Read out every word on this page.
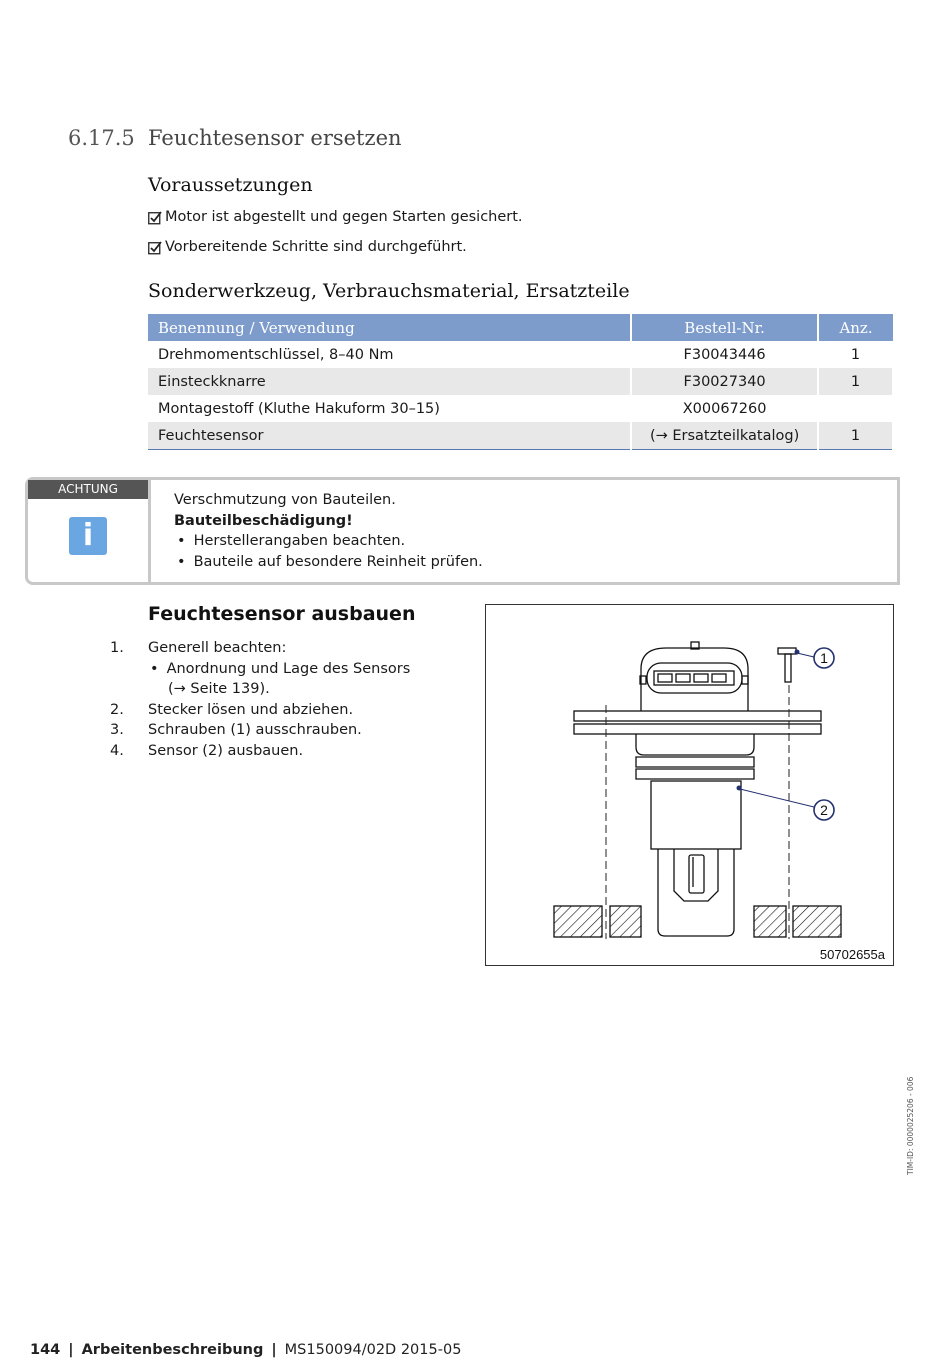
6.17.5 Feuchtesensor ersetzen
Voraussetzungen
Motor ist abgestellt und gegen Starten gesichert.
Vorbereitende Schritte sind durchgeführt.
Sonderwerkzeug, Verbrauchsmaterial, Ersatzteile
Benennung / Verwendung	Bestell-Nr.	Anz.
Drehmomentschlüssel, 8–40 Nm	F30043446	1
Einsteckknarre	F30027340	1
Montagestoff (Kluthe Hakuform 30–15)	X00067260	
Feuchtesensor	(→ Ersatzteilkatalog)	1
ACHTUNG
i
Verschmutzung von Bauteilen.
Bauteilbeschädigung!
• Herstellerangaben beachten.
• Bauteile auf besondere Reinheit prüfen.
Feuchtesensor ausbauen
1.	Generell beachten:
• Anordnung und Lage des Sensors
(→ Seite 139).
2.	Stecker lösen und abziehen.
3.	Schrauben (1) ausschrauben.
4.	Sensor (2) ausbauen.
1
2
50702655a
TIM-ID: 0000025206 - 006
144 | Arbeitenbeschreibung | MS150094/02D 2015-05
